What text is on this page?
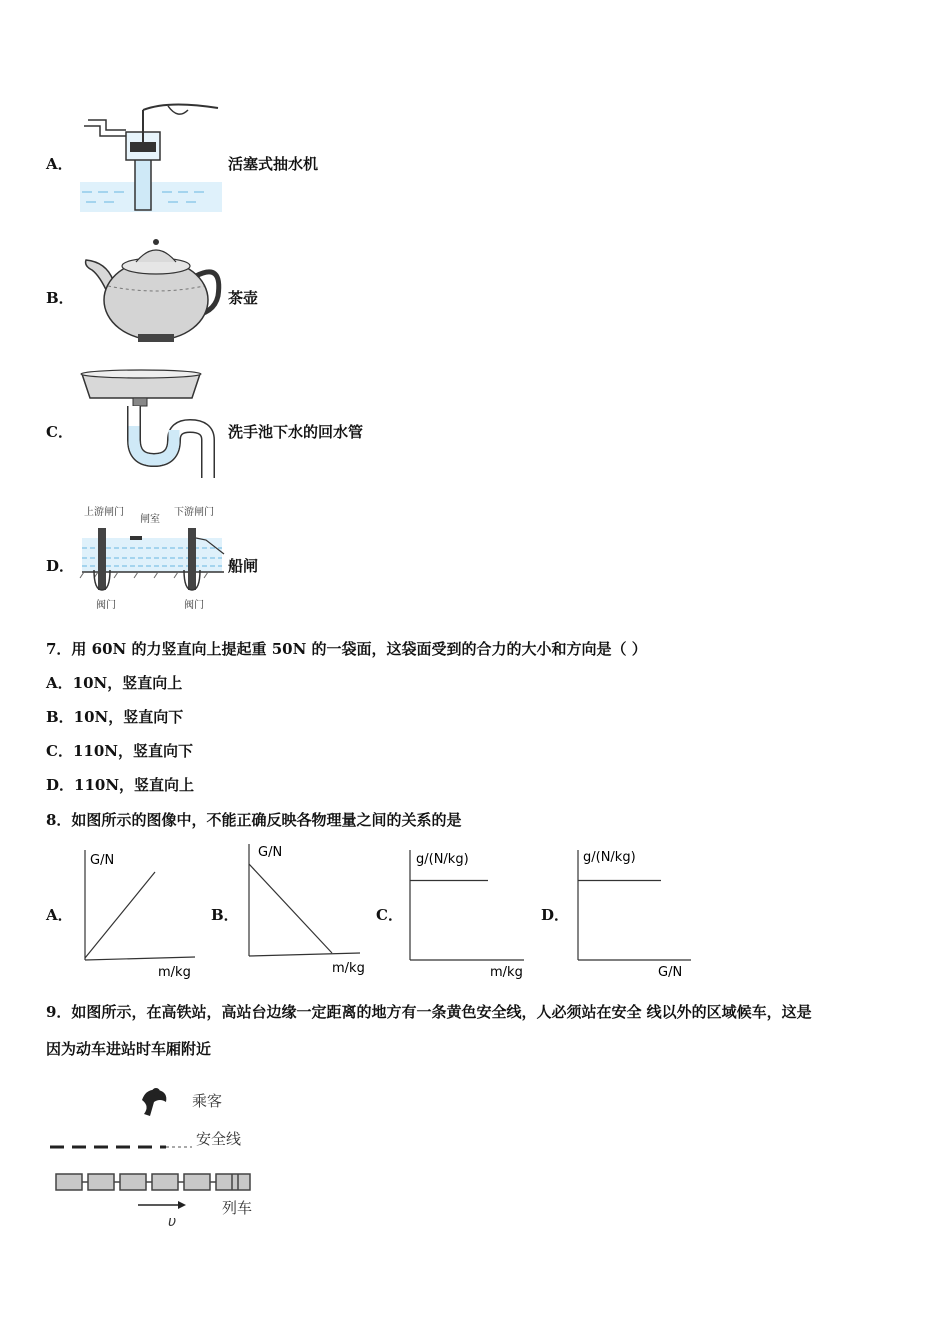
A．	活塞式抽水机
B．	茶壶
C．	洗手池下水的回水管
D．
上游闸门
闸室
下游闸门
阀门	阀门
船闸
7．用 60N 的力竖直向上提起重 50N 的一袋面，这袋面受到的合力的大小和方向是（ ）
A．10N，竖直向上
B．10N，竖直向下
C．110N，竖直向下
D．110N，竖直向上
8．如图所示的图像中，不能正确反映各物理量之间的关系的是
A．	B．	C．	D．
G/N
m/kg
G/N
m/kg
g/(N/kg)
m/kg
g/(N/kg)
G/N
9．如图所示，在高铁站，高站台边缘一定距离的地方有一条黄色安全线，人必须站在安全 线以外的区域候车，这是
因为动车进站时车厢附近
乘客
安全线
υ
列车
